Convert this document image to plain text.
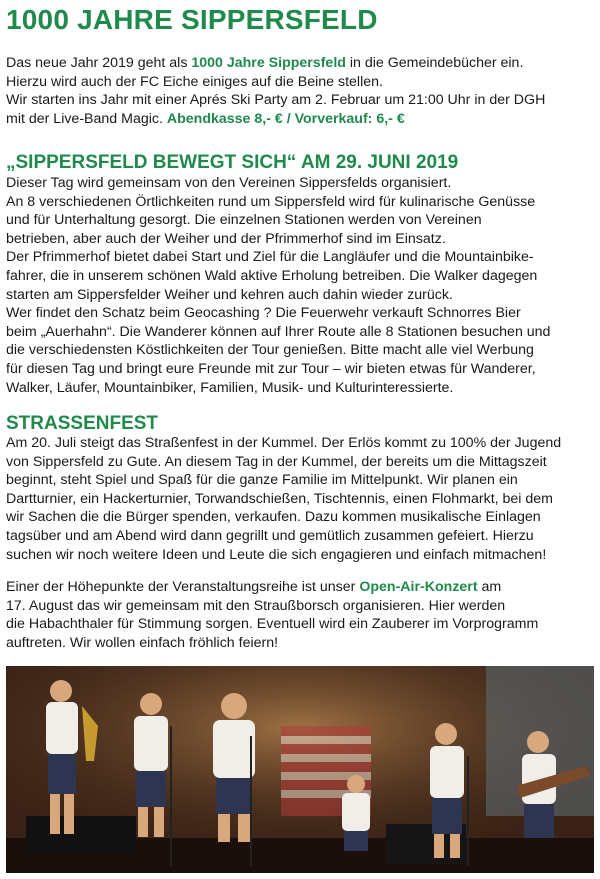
1000 JAHRE SIPPERSFELD

Das neue Jahr 2019 geht als 1000 Jahre Sippersfeld in die Gemeindebücher ein.

Hierzu wird auch der FC Eiche einiges auf die Beine stellen.

Wir starten ins Jahr mit einer Aprés Ski Party am 2. Februar um 21:00 Uhr in der DGH

mit der Live-Band Magic. Abendkasse 8,- € / Vorverkauf: 6,- €

„SIPPERSFELD BEWEGT SICH“ AM 29. JUNI 2019

Dieser Tag wird gemeinsam von den Vereinen Sippersfelds organisiert.

An 8 verschiedenen Örtlichkeiten rund um Sippersfeld wird für kulinarische Genüsse

und für Unterhaltung gesorgt. Die einzelnen Stationen werden von Vereinen

betrieben, aber auch der Weiher und der Pfrimmerhof sind im Einsatz.

Der Pfrimmerhof bietet dabei Start und Ziel für die Langläufer und die Mountainbike-

fahrer, die in unserem schönen Wald aktive Erholung betreiben. Die Walker dagegen

starten am Sippersfelder Weiher und kehren auch dahin wieder zurück.

Wer findet den Schatz beim Geocashing ? Die Feuerwehr verkauft Schnorres Bier

beim „Auerhahn“. Die Wanderer können auf Ihrer Route alle 8 Stationen besuchen und

die verschiedensten Köstlichkeiten der Tour genießen. Bitte macht alle viel Werbung

für diesen Tag und bringt eure Freunde mit zur Tour – wir bieten etwas für Wanderer,

Walker, Läufer, Mountainbiker, Familien, Musik- und Kulturinteressierte.

STRASSENFEST

Am 20. Juli steigt das Straßenfest in der Kummel. Der Erlös kommt zu 100% der Jugend

von Sippersfeld zu Gute. An diesem Tag in der Kummel, der bereits um die Mittagszeit

beginnt, steht Spiel und Spaß für die ganze Familie im Mittelpunkt. Wir planen ein

Dartturnier, ein Hackerturnier, Torwandschießen, Tischtennis, einen Flohmarkt, bei dem

wir Sachen die die Bürger spenden, verkaufen. Dazu kommen musikalische Einlagen

tagsüber und am Abend wird dann gegrillt und gemütlich zusammen gefeiert. Hierzu

suchen wir noch weitere Ideen und Leute die sich engagieren und einfach mitmachen!

Einer der Höhepunkte der Veranstaltungsreihe ist unser Open-Air-Konzert am

17. August das wir gemeinsam mit den Straußborsch organisieren. Hier werden

die Habachthaler für Stimmung sorgen. Eventuell wird ein Zauberer im Vorprogramm

auftreten. Wir wollen einfach fröhlich feiern!
